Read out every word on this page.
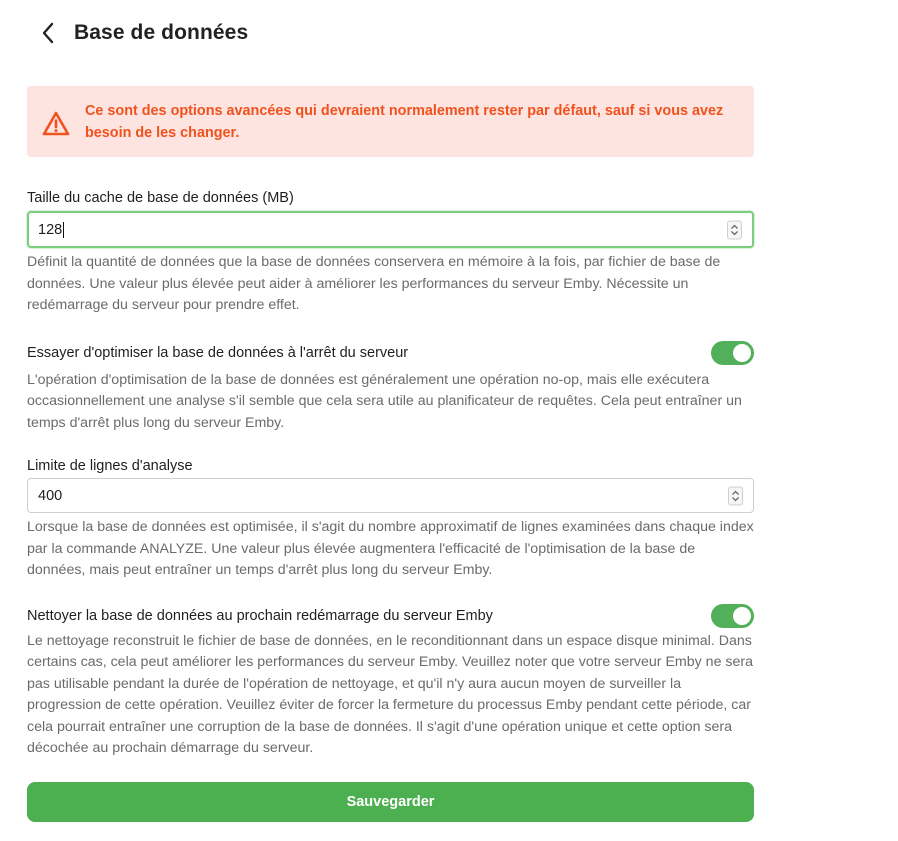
Base de données
Ce sont des options avancées qui devraient normalement rester par défaut, sauf si vous avez besoin de les changer.
Taille du cache de base de données (MB)
128
Définit la quantité de données que la base de données conservera en mémoire à la fois, par fichier de base de données. Une valeur plus élevée peut aider à améliorer les performances du serveur Emby. Nécessite un redémarrage du serveur pour prendre effet.
Essayer d'optimiser la base de données à l'arrêt du serveur
L'opération d'optimisation de la base de données est généralement une opération no-op, mais elle exécutera occasionnellement une analyse s'il semble que cela sera utile au planificateur de requêtes. Cela peut entraîner un temps d'arrêt plus long du serveur Emby.
Limite de lignes d'analyse
400
Lorsque la base de données est optimisée, il s'agit du nombre approximatif de lignes examinées dans chaque index par la commande ANALYZE. Une valeur plus élevée augmentera l'efficacité de l'optimisation de la base de données, mais peut entraîner un temps d'arrêt plus long du serveur Emby.
Nettoyer la base de données au prochain redémarrage du serveur Emby
Le nettoyage reconstruit le fichier de base de données, en le reconditionnant dans un espace disque minimal. Dans certains cas, cela peut améliorer les performances du serveur Emby. Veuillez noter que votre serveur Emby ne sera pas utilisable pendant la durée de l'opération de nettoyage, et qu'il n'y aura aucun moyen de surveiller la progression de cette opération. Veuillez éviter de forcer la fermeture du processus Emby pendant cette période, car cela pourrait entraîner une corruption de la base de données. Il s'agit d'une opération unique et cette option sera décochée au prochain démarrage du serveur.
Sauvegarder
